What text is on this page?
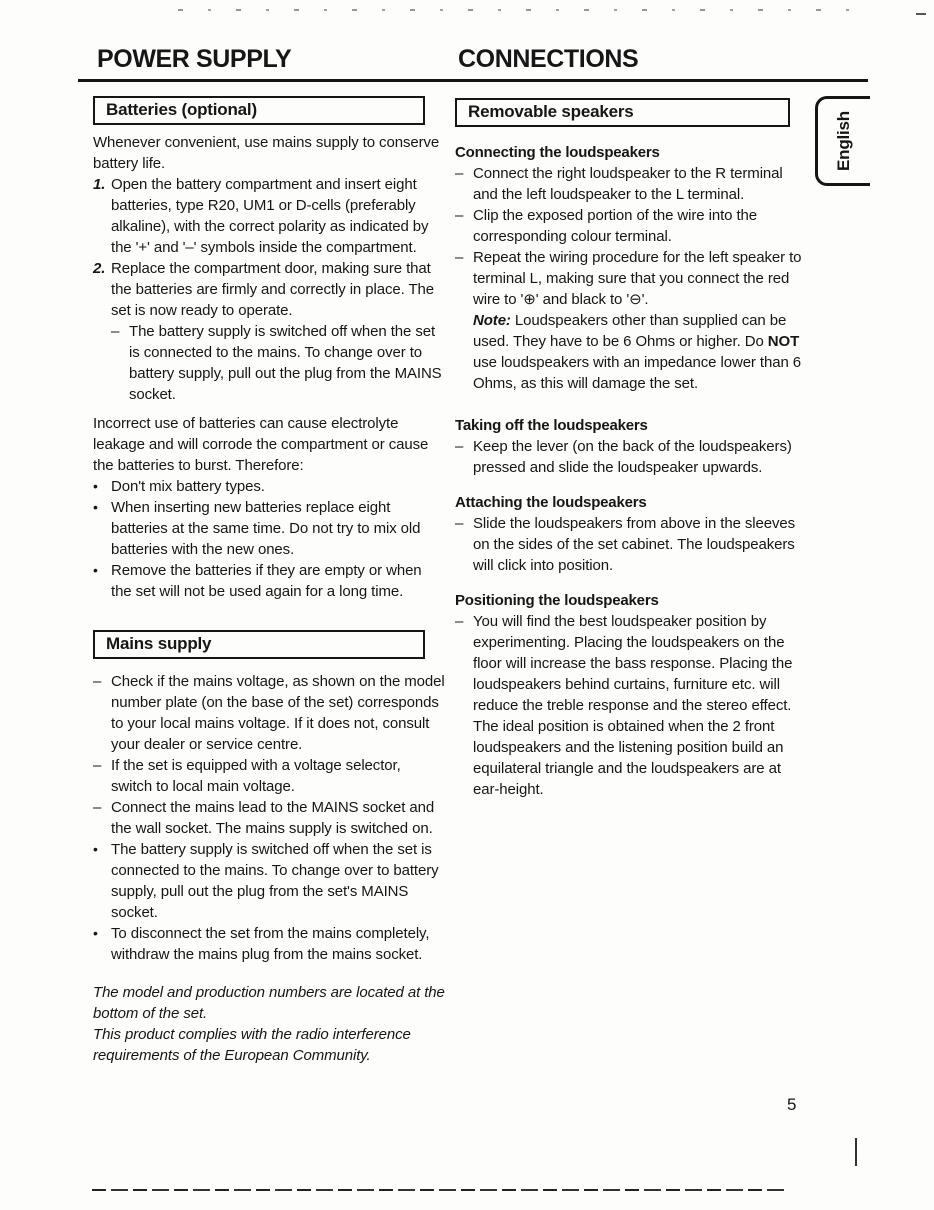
POWER SUPPLY	CONNECTIONS
English
Batteries (optional)

Whenever convenient, use mains supply to conserve battery life.

1. Open the battery compartment and insert eight batteries, type R20, UM1 or D-cells (preferably alkaline), with the correct polarity as indicated by the '+' and '–' symbols inside the compartment.
2. Replace the compartment door, making sure that the batteries are firmly and correctly in place. The set is now ready to operate.
– The battery supply is switched off when the set is connected to the mains. To change over to battery supply, pull out the plug from the MAINS socket.

Incorrect use of batteries can cause electrolyte leakage and will corrode the compartment or cause the batteries to burst. Therefore:

• Don't mix battery types.
• When inserting new batteries replace eight batteries at the same time. Do not try to mix old batteries with the new ones.
• Remove the batteries if they are empty or when the set will not be used again for a long time.
Mains supply
– Check if the mains voltage, as shown on the model number plate (on the base of the set) corresponds to your local mains voltage. If it does not, consult your dealer or service centre.
– If the set is equipped with a voltage selector, switch to local main voltage.
– Connect the mains lead to the MAINS socket and the wall socket. The mains supply is switched on.
• The battery supply is switched off when the set is connected to the mains. To change over to battery supply, pull out the plug from the set's MAINS socket.
• To disconnect the set from the mains completely, withdraw the mains plug from the mains socket.

The model and production numbers are located at the bottom of the set.

This product complies with the radio interference requirements of the European Community.

Removable speakers

Connecting the loudspeakers

– Connect the right loudspeaker to the R terminal and the left loudspeaker to the L terminal.
– Clip the exposed portion of the wire into the corresponding colour terminal.
– Repeat the wiring procedure for the left speaker to terminal L, making sure that you connect the red wire to '⊕' and black to '⊖'.

Note: Loudspeakers other than supplied can be used. They have to be 6 Ohms or higher. Do NOT use loudspeakers with an impedance lower than 6 Ohms, as this will damage the set.

Taking off the loudspeakers

– Keep the lever (on the back of the loudspeakers) pressed and slide the loudspeaker upwards.

Attaching the loudspeakers

– Slide the loudspeakers from above in the sleeves on the sides of the set cabinet. The loudspeakers will click into position.

Positioning the loudspeakers

– You will find the best loudspeaker position by experimenting. Placing the loudspeakers on the floor will increase the bass response. Placing the loudspeakers behind curtains, furniture etc. will reduce the treble response and the stereo effect. The ideal position is obtained when the 2 front loudspeakers and the listening position build an equilateral triangle and the loudspeakers are at ear-height.
5
